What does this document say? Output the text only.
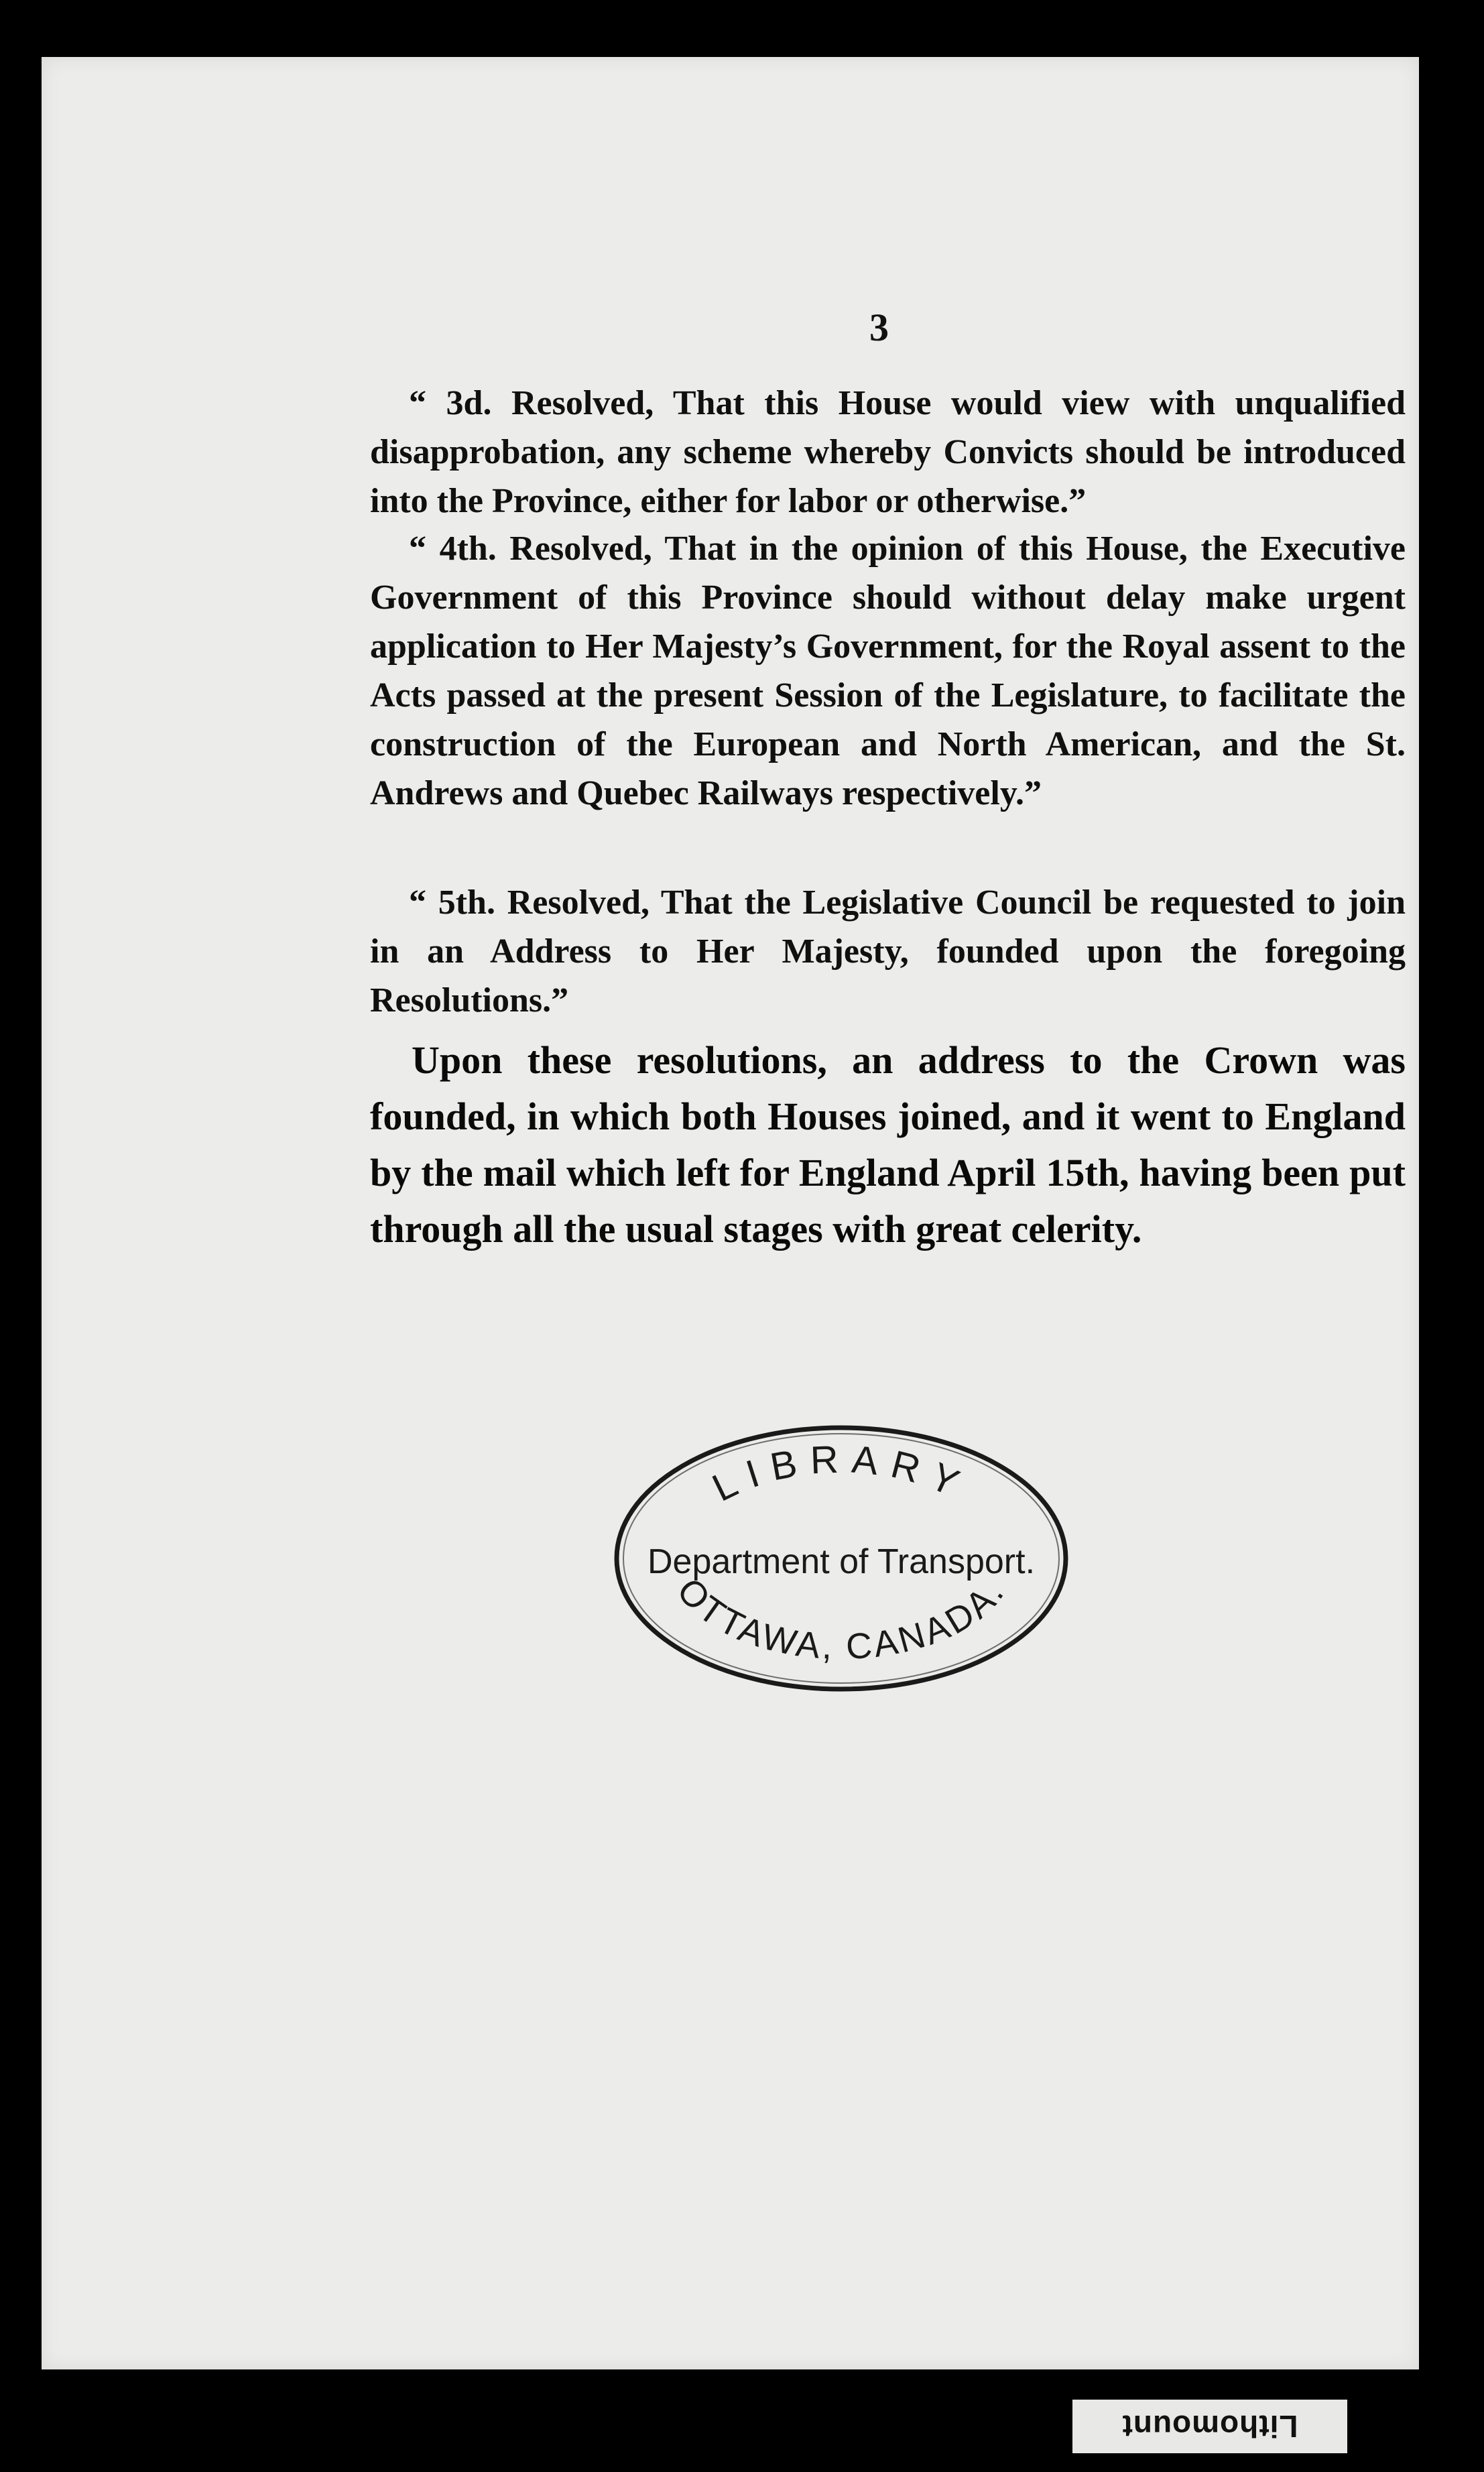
3

“ 3d. Resolved, That this House would view with unqualified disapprobation, any scheme whereby Convicts should be introduced into the Province, either for labor or otherwise.”

“ 4th. Resolved, That in the opinion of this House, the Executive Government of this Province should without delay make urgent application to Her Majesty’s Government, for the Royal assent to the Acts passed at the present Session of the Legislature, to facilitate the construction of the European and North American, and the St. Andrews and Quebec Railways respectively.”

“ 5th. Resolved, That the Legislative Council be requested to join in an Address to Her Majesty, founded upon the foregoing Resolutions.”

Upon these resolutions, an address to the Crown was founded, in which both Houses joined, and it went to England by the mail which left for England April 15th, having been put through all the usual stages with great celerity.

LIBRARY
Department of Transport.
OTTAWA, CANADA.
Lithomount
